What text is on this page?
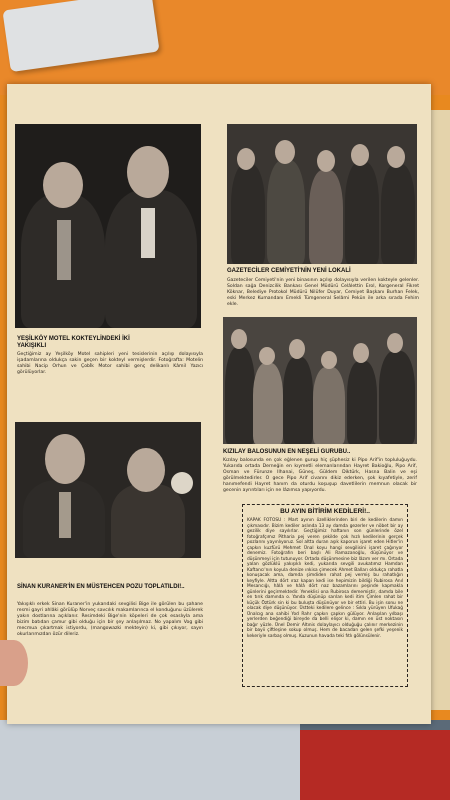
YEŞİLKÖY MOTEL KOKTEYLİNDEKİ İKİ YAKIŞIKLI
Geçtiğimiz ay Yeşilköy Motel sahipleri yeni tesislerinin açılışı dolayısıyla işadamlarına oldukça sakin geçen bir kokteyl vermişlerdir. Fotoğrafta: Motelin sahibi Nacip Orhun ve Çobİk Motor sahibi genç delikanlı Kâmil Yazıcı görülüyorlar.
GAZETECİLER CEMİYETİ'NİN YENİ LOKALİ
Gazeteciler Cemiyeti'nin yeni binasının açılışı dolayısıyla verilen kokteyle gelenler. Soldan sağa Denizcilik Bankası Genel Müdürü Celâlettin Erol, Korgeneral Fikret Köknar, Belediye Protokol Müdürü Nilüfer Duyar, Cemiyet Başkanı Burhan Felek, eski Merkez Kumandanı Emekli Tümgeneral Selâmi Pekün ile arka sırada Fehim ekle.
KIZILAY BALOSUNUN EN NEŞELİ GURUBU..
Kızılay balosunda en çok eğlenen gurup hiç şüphesiz ki Pipo Arif'in topluluğuydu. Yukarıda ortada Derneğin en kıymetli elemanlarından Hayret Bakioğlu, Pipo Arif, Osman ve Fürunze Ilhanai, Güneş, Güldem Diktürk, Hasna Balin ve eşi görülmektedirler. O gece Pipo Arif civarını dikiz ederken, şok kıyafetiyle, zerif hanımefendi Hayret hanım da oturdu koşuşup davetlilerin memnun olacak bir gecenin ayrıntıları için ne lâzımsa yapıyordu.
SİNAN KURANER'İN EN MÜSTEHCEN POZU TOPLATILDI!..
Yakışıklı erkek Sinan Kuraner'in yukarıdaki sevgilisi Bige ile görülen bu şahane resmi gayri ahlâki görülüp Norveç savcılık makamlarınca el konduğunu üzülerek yakın dostlarına açıklanır. Resimdeki Bige'nin köpeleri de çok esaslıyla ama bizim batıdan çamur gibi olduğu için bir şey anlaşılmaz. No yapalım Vog gibi mecmua çıkartmak istiyordu, (mangowazki mekteyin) ki, gibi çıkıyor, sayın okurlarımızdan özür dileriz.
BU AYIN BİTİRİM KEDİLERİ!..
KAPAK FOTOSU : Mart ayının özelliklerinden biri de kedilerin damın çıkmasıdır. Bizim kediler aslında 13 ay damda gezerler ve nöbet bir ay gezilik diye sayılırlar. Geçtiğimiz haftanın son günlerinde özel fotoğrafçımız Pitharia pej veren şekilde çok hızlı kedilerinin gerçek pozlarını yayınlıyoruz. Sol altta duran aşık kaporun işaret eden Hitler'in çapkın kuzfürü Mehmet Ünal koyu hangi sevgilisini işaret çağırıyor denemiz. Fotoğrafın beri başlı Ali Ramazanoğlu, düşünüyor ve düşünmeyi için tutunuyor. Ortada düşünmesine biz lâzım ver mı. Ortada yalan gözlüklü yakışıklı kedi, yukarıda sevgili avukatımız Hamdan Kaftancı'nın koyula denize ınkisa çimecek Ahmet Balları oldukça rahatla konuşacak ama, damda şimdiden rahat pej vermiş bu rahatlığın keyfiyle. Altta dört ıraz kapan kedi ise hepimizin bildiği Rubirosa Anıl Mesarıcığı, hâlâ ve hâlâ dört naz bazamlarını peşinde kapmakla günlerini geçirmektedir. Yeneklisi ona Rubirosa dememiştir, damda bile en tırık damında o. Yanda düşünüp sarılan kedi itim Çimlen rahat bir küçük Öztürk sin ki bu buluşta düşünüyor ve bir ettiri. Bu işin sonu ne olacak diye düşünüyor. Üstteki kedilere gelince : Sıkla yürüyen Ufukağ Ünalcıg ana sahibi Yod Rahr çapkın çapkın gülüyor. Anlaşılan yılbaşı yerlerden beğendiği bireyde da belli elişor ki, damın en üst noktasın bağır yüzle. Ünel Demir Altınis dolaylayıcı olduğuğu çalınır merkezinin bir bayii çiftleşine sokup olmuş. Hem de bacadan gelen şefki yeşenik kekeriyle sarbaş olmuş. Kuzunun havada teki fıtlı gölünsülenir.
